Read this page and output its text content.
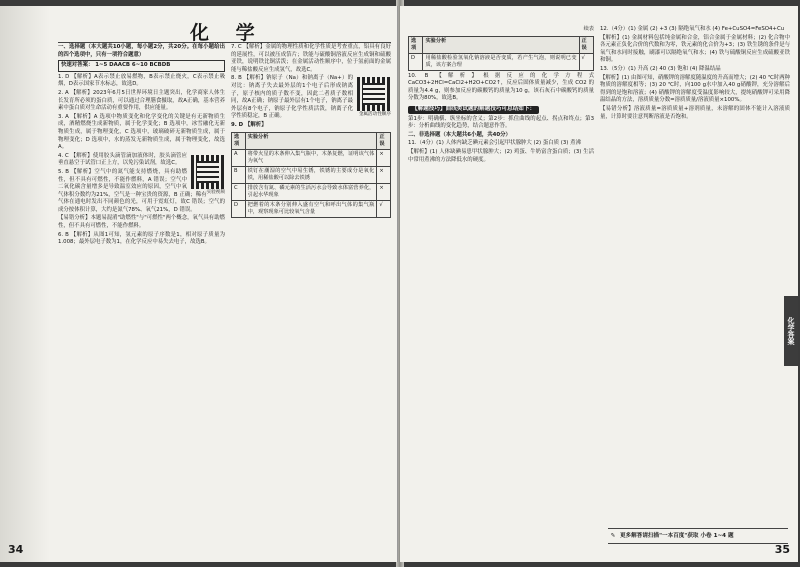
化 学

一、选择题（本大题共10小题，每小题2分，共20分。在每小题给出的四个选项中，只有一项符合题意）

快速对答案： 1~5 DAACB 6~10 BCBDB

1. D 【解析】A表示禁止放易燃物，B表示禁止烧火，C表示禁止吸烟，D表示国家节水标志，故选D。

2. A 【解析】2023年6月5日世界环境日主题突出，化学商家人体生长发育所必须的蛋白质，可以通过合理膳食摄取，故A正确，基本营养素中蛋白质对生命活动有重要作用，供应能量。

3. A 【解析】A 选项中物质变化和化学变化的关键是有无新物质生成，酒精燃烧生成新物质，属于化学变化；B 选项中，冰雪融化无新物质生成，属于物理变化，C 选项中，玻璃破碎无新物质生成，属于物理变化；D 选项中，水的蒸发无新物质生成，属于物理变化，故选A。

实验视频

4. C 【解析】使用胶头滴管滴加液体时，胶头滴管应垂直悬空于试管口正上方，以免污染试剂，故选C。

5. B 【解析】空气中的氮气能支持燃烧，具有助燃性，但不具有可燃性，不能作燃料，A 错误；空气中二氧化碳含量增多是导致温室效应的原因，空气中氧气体积分数约为21%，空气是一种宝贵的资源，B 正确；稀有气体在通电时发出不同颜色的光，可用于霓虹灯，故C 错误；空气的成分按体积计算，大约是氮气78%、氧气21%，D 错误。

【易错分析】本题易混淆"助燃性"与"可燃性"两个概念，氧气具有助燃性，但不具有可燃性，不能作燃料。

6. B 【解析】从图1可知，氢元素的原子序数是1，相对原子质量为1.008；最外层电子数为1，在化学反应中易失去电子，故选B。

7. C 【解析】金属的物理性质和化学性质是考查重点，铝具有良好的延展性，可以被压成箔片；铁能与硫酸铜溶液反应生成铜和硫酸亚铁，说明铁比铜活泼；在金属活动性顺序中，位于氢前面的金属能与稀盐酸反应生成氢气，故选C。

金属活动性顺序

8. B 【解析】钠原子（Na）和钠离子（Na+）的对比：钠离子失去最外层的1个电子后形成钠离子，原子核内的质子数不变，因此二者质子数相同，故A正确；钠原子最外层有1个电子，钠离子最外层有8个电子，钠原子化学性质活泼，钠离子化学性质稳定，B 正确。

9. D 【解析】

选项	实验分析	正误
A	将带火星的木条伸入集气瓶中，木条复燃，证明该气体为氧气	×
B	铁钉在潮湿的空气中易生锈，铁锈的主要成分是氧化铁，用稀盐酸可以除去铁锈	×
C	排放含有氮、磷元素的生活污水会导致水体富营养化，引起水华现象	×
D	把燃着的木条分别伸入盛有空气和呼出气体的集气瓶中，观察现象可比较氧气含量	√
34
续表
选项	实验分析	正误
D	用稀盐酸检验氢氧化钠溶液是否变质，若产生气泡，则说明已变质，该方案合理	√

10. B 【解析】根据反应的化学方程式 CaCO3+2HCl=CaCl2+H2O+CO2↑，反应后固体质量减少，生成 CO2 的质量为4.4 g，则参加反应的碳酸钙的质量为10 g，该石灰石中碳酸钙的质量分数为80%，故选B。

【解题技巧】曲线类试题的解题技巧可总结如下：

第1步：明确横、纵坐标的含义；第2步：抓住曲线的起点、拐点和终点；第3步：分析曲线的变化趋势，结合题意作答。

二、非选择题（本大题共6小题，共40分）

11.（4分）(1) 人体内缺乏碘元素会引起甲状腺肿大 (2) 蛋白质 (3) 煮沸

【解析】(1) 人体缺碘易患甲状腺肿大；(2) 鸡蛋、牛奶富含蛋白质；(3) 生活中常用煮沸的方法降低水的硬度。

12.（4分）(1) 金属 (2) +3 (3) 隔绝氧气和水 (4) Fe+CuSO4=FeSO4+Cu

【解析】(1) 金属材料包括纯金属和合金，铝合金属于金属材料；(2) 化合物中各元素正负化合价的代数和为零，铁元素的化合价为+3；(3) 铁生锈的条件是与氧气和水同时接触，刷漆可以隔绝氧气和水；(4) 铁与硫酸铜反应生成硫酸亚铁和铜。

13.（5分）(1) 升高 (2) 40 (3) 饱和 (4) 降温结晶

【解析】(1) 由图可知，硝酸钾的溶解度随温度的升高而增大；(2) 40 ℃时两种物质的溶解度相等；(3) 20 ℃时，向100 g水中加入40 g硝酸钾，充分溶解后得到的是饱和溶液；(4) 硝酸钾的溶解度受温度影响较大，提纯硝酸钾可采用降温结晶的方法，溶质质量分数=溶质质量/溶液质量×100%。

【易错分析】溶液质量=溶质质量+溶剂质量，未溶解的固体不能计入溶液质量，计算时要注意判断溶液是否饱和。

✎ 更多解答请扫描"一本百度"获取 小卷 1~4 题
化学答案
35
